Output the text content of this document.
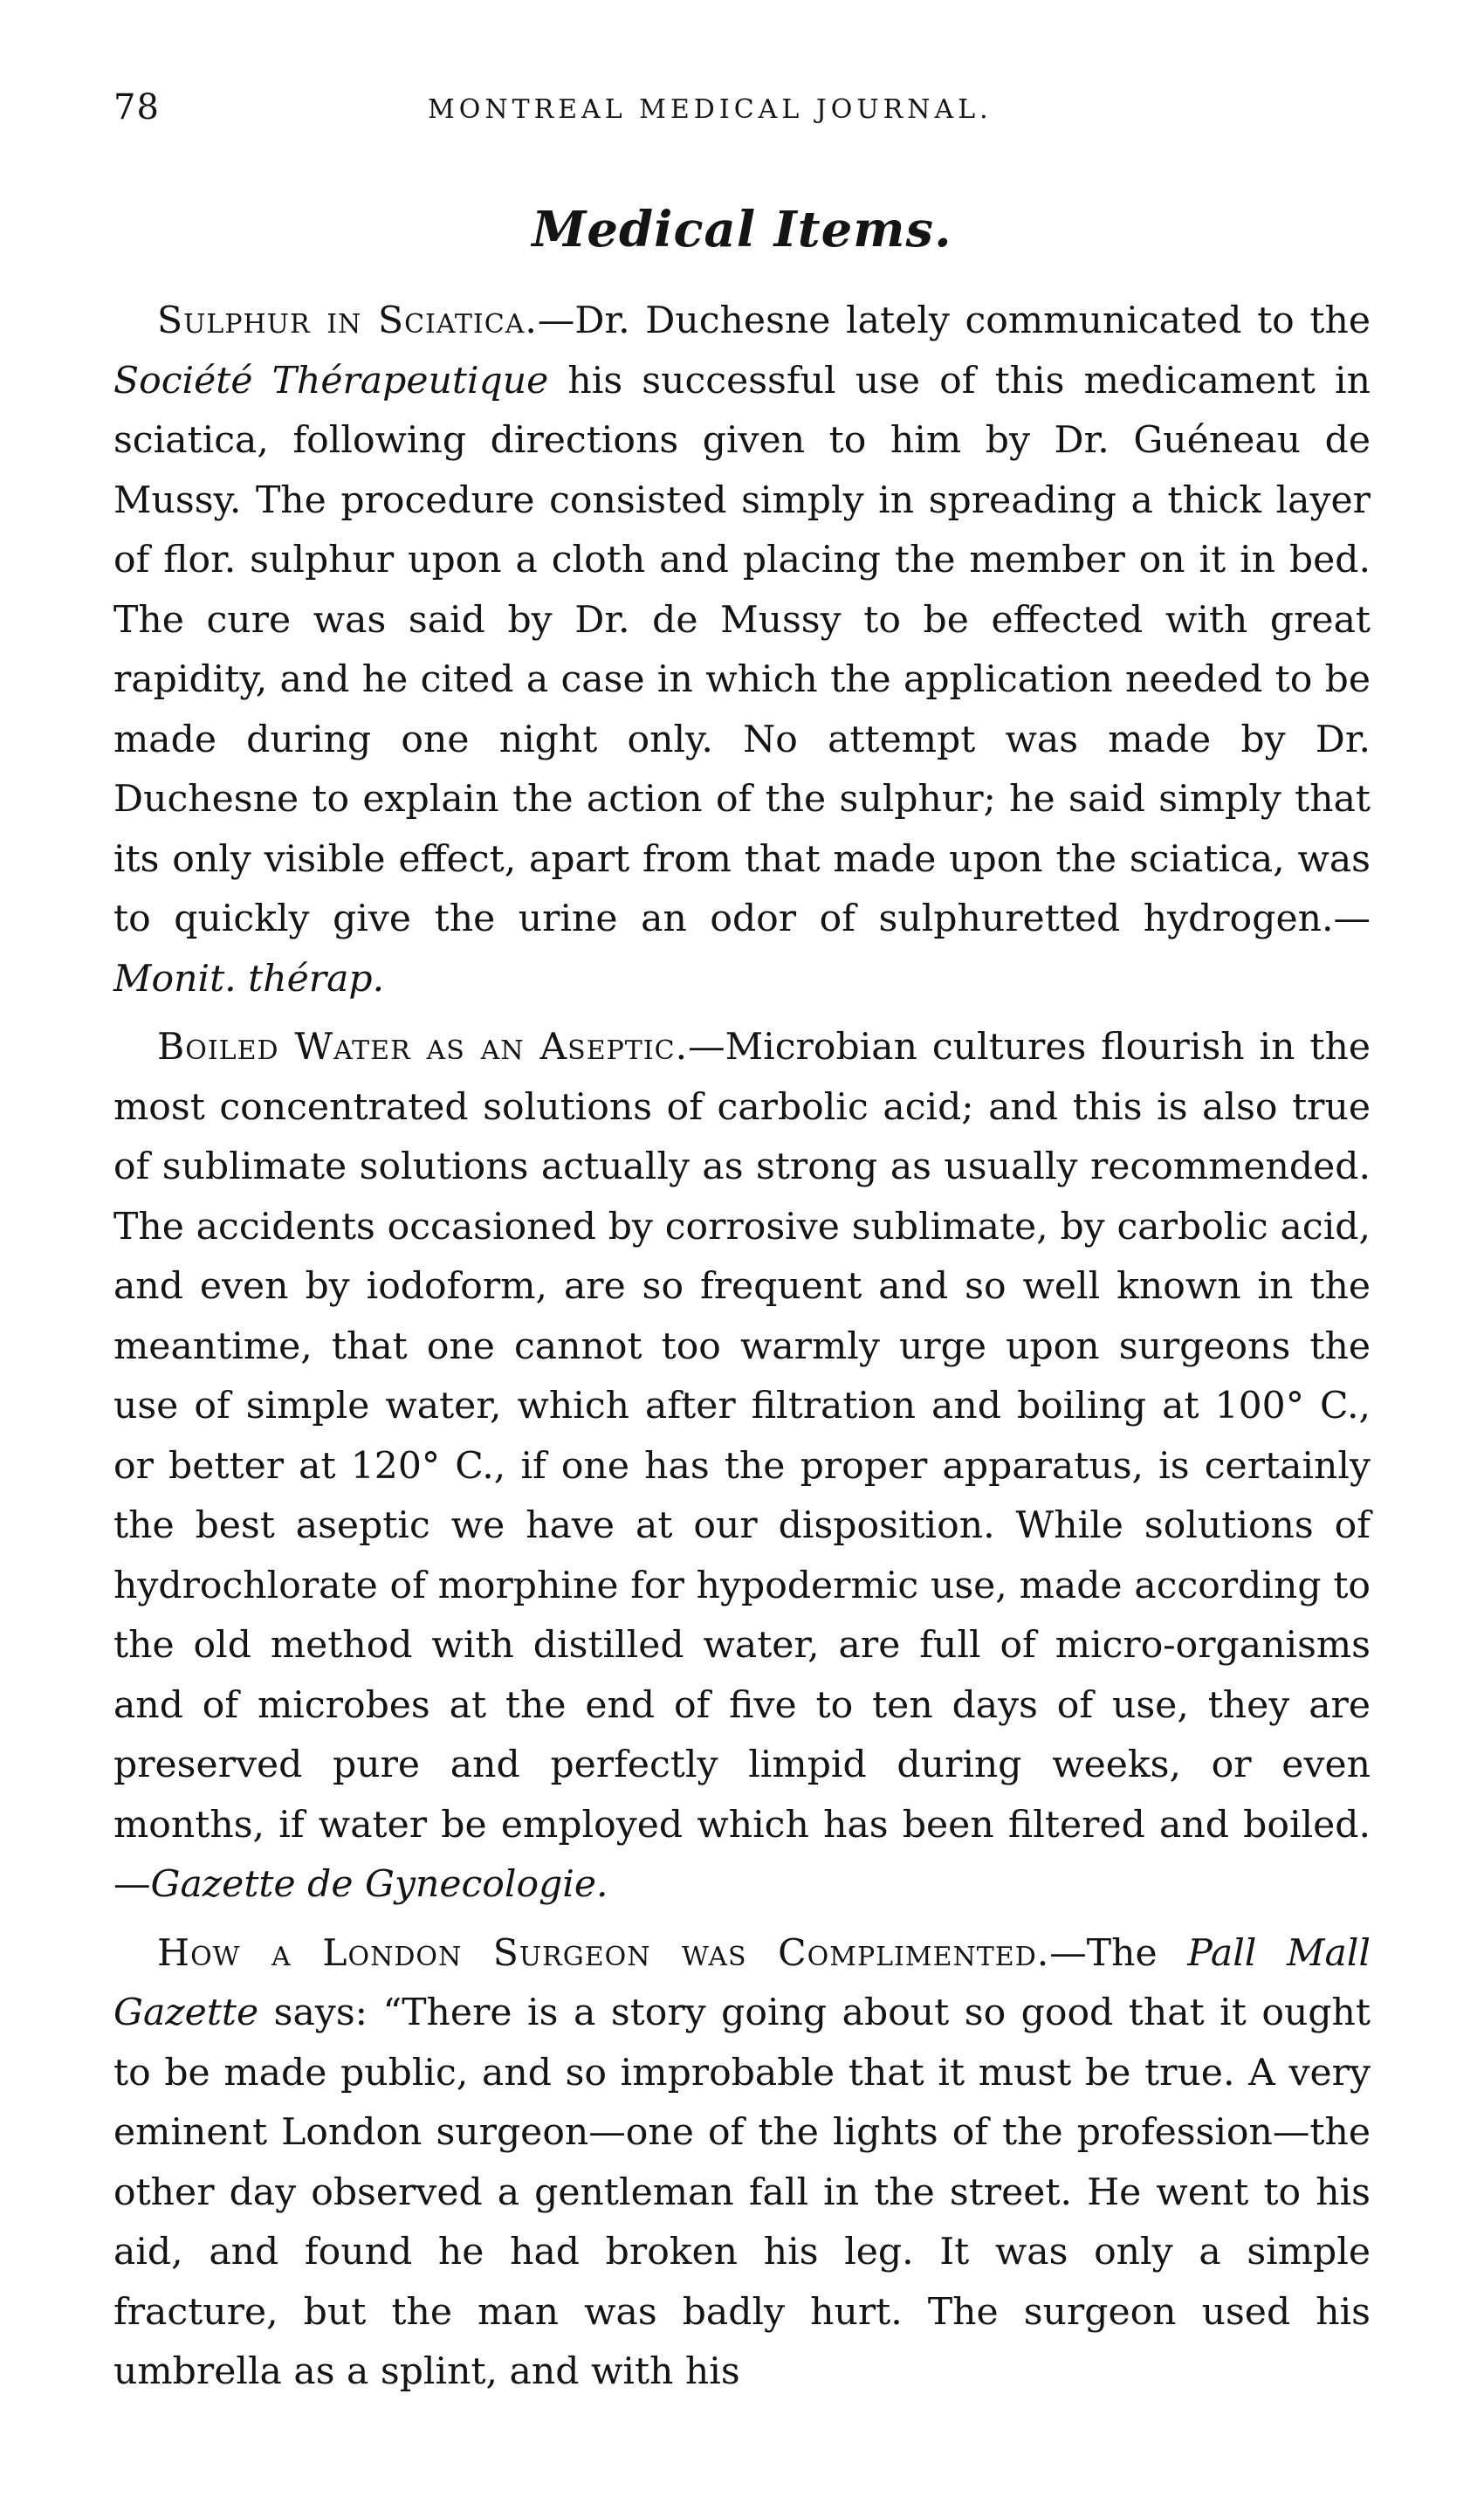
78	MONTREAL MEDICAL JOURNAL.
Medical Items.

Sulphur in Sciatica.—Dr. Duchesne lately communicated to the Société Thérapeutique his successful use of this medicament in sciatica, following directions given to him by Dr. Guéneau de Mussy. The procedure consisted simply in spreading a thick layer of flor. sulphur upon a cloth and placing the member on it in bed. The cure was said by Dr. de Mussy to be effected with great rapidity, and he cited a case in which the application needed to be made during one night only. No attempt was made by Dr. Duchesne to explain the action of the sulphur; he said simply that its only visible effect, apart from that made upon the sciatica, was to quickly give the urine an odor of sulphuretted hydrogen.—Monit. thérap.

Boiled Water as an Aseptic.—Microbian cultures flourish in the most concentrated solutions of carbolic acid; and this is also true of sublimate solutions actually as strong as usually recommended. The accidents occasioned by corrosive sublimate, by carbolic acid, and even by iodoform, are so frequent and so well known in the meantime, that one cannot too warmly urge upon surgeons the use of simple water, which after filtration and boiling at 100° C., or better at 120° C., if one has the proper apparatus, is certainly the best aseptic we have at our disposition. While solutions of hydrochlorate of morphine for hypodermic use, made according to the old method with distilled water, are full of micro-organisms and of microbes at the end of five to ten days of use, they are preserved pure and perfectly limpid during weeks, or even months, if water be employed which has been filtered and boiled.—Gazette de Gynecologie.

How a London Surgeon was Complimented.—The Pall Mall Gazette says: “There is a story going about so good that it ought to be made public, and so improbable that it must be true. A very eminent London surgeon—one of the lights of the profession—the other day observed a gentleman fall in the street. He went to his aid, and found he had broken his leg. It was only a simple fracture, but the man was badly hurt. The surgeon used his umbrella as a splint, and with his
